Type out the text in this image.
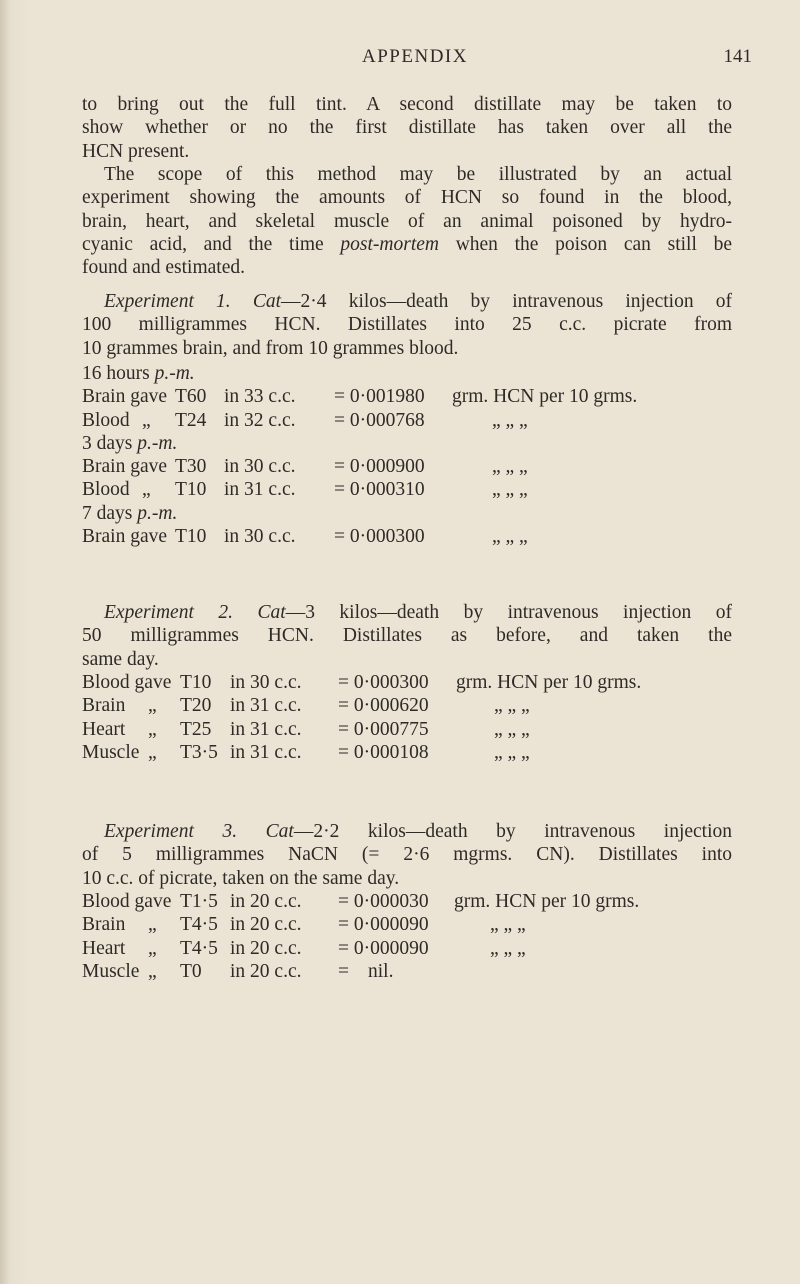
APPENDIX	141

to bring out the full tint. A second distillate may be taken to

show whether or no the first distillate has taken over all the

HCN present.

The scope of this method may be illustrated by an actual

experiment showing the amounts of HCN so found in the blood,

brain, heart, and skeletal muscle of an animal poisoned by hydro-

cyanic acid, and the time post-mortem when the poison can still be

found and estimated.

Experiment 1. Cat—2·4 kilos—death by intravenous injection of

100 milligrammes HCN. Distillates into 25 c.c. picrate from

10 grammes brain, and from 10 grammes blood.

16 hours p.-m.
Brain gave T60 in 33 c.c. = 0·001980 grm. HCN per 10 grms.
Blood „ T24 in 32 c.c. = 0·000768	„ „ „
3 days p.-m.
Brain gave T30 in 30 c.c. = 0·000900	„ „ „
Blood „ T10 in 31 c.c. = 0·000310	„ „ „
7 days p.-m.
Brain gave T10 in 30 c.c. = 0·000300	„ „ „

Experiment 2. Cat—3 kilos—death by intravenous injection of

50 milligrammes HCN. Distillates as before, and taken the

same day.

Blood gave T10 in 30 c.c. = 0·000300 grm. HCN per 10 grms.
Brain „ T20 in 31 c.c. = 0·000620	„ „ „
Heart „ T25 in 31 c.c. = 0·000775	„ „ „
Muscle „ T3·5 in 31 c.c. = 0·000108	„ „ „

Experiment 3. Cat—2·2 kilos—death by intravenous injection

of 5 milligrammes NaCN (= 2·6 mgrms. CN). Distillates into

10 c.c. of picrate, taken on the same day.

Blood gave T1·5 in 20 c.c. = 0·000030 grm. HCN per 10 grms.
Brain „ T4·5 in 20 c.c. = 0·000090	„ „ „
Heart „ T4·5 in 20 c.c. = 0·000090	„ „ „
Muscle „ T0 in 20 c.c. = nil.
